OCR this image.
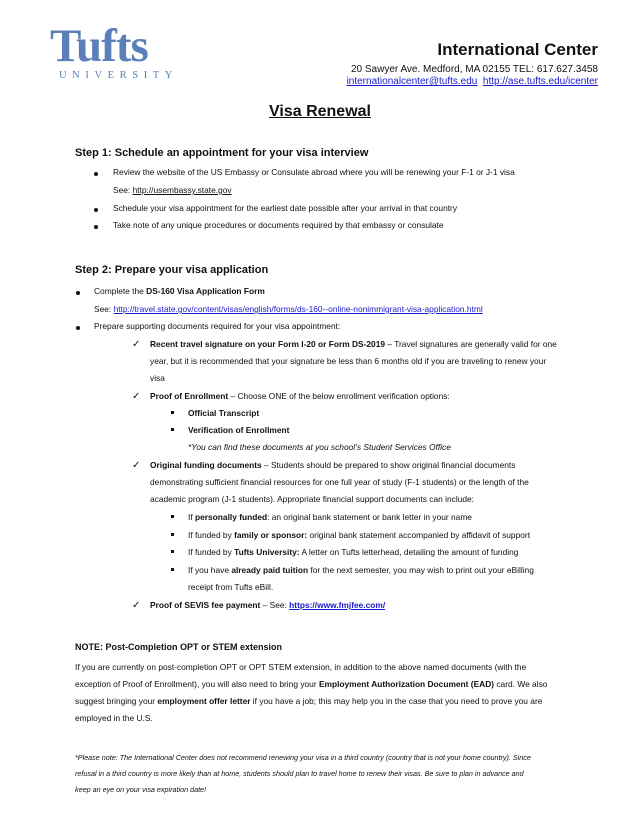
Tufts
UNIVERSITY
International Center
20 Sawyer Ave. Medford, MA 02155 TEL: 617.627.3458
internationalcenter@tufts.edu http://ase.tufts.edu/icenter
Visa Renewal
Step 1: Schedule an appointment for your visa interview
Review the website of the US Embassy or Consulate abroad where you will be renewing your F-1 or J-1 visa
See: http://usembassy.state.gov
Schedule your visa appointment for the earliest date possible after your arrival in that country
Take note of any unique procedures or documents required by that embassy or consulate
Step 2: Prepare your visa application
Complete the DS-160 Visa Application Form
See: http://travel.state.gov/content/visas/english/forms/ds-160--online-nonimmigrant-visa-application.html
Prepare supporting documents required for your visa appointment:
✓ Recent travel signature on your Form I-20 or Form DS-2019 – Travel signatures are generally valid for one
year, but it is recommended that your signature be less than 6 months old if you are traveling to renew your
visa
✓ Proof of Enrollment – Choose ONE of the below enrollment verification options:
Official Transcript
Verification of Enrollment
*You can find these documents at you school’s Student Services Office
✓ Original funding documents – Students should be prepared to show original financial documents
demonstrating sufficient financial resources for one full year of study (F-1 students) or the length of the
academic program (J-1 students). Appropriate financial support documents can include:
If personally funded: an original bank statement or bank letter in your name
If funded by family or sponsor: original bank statement accompanied by affidavit of support
If funded by Tufts University: A letter on Tufts letterhead, detailing the amount of funding
If you have already paid tuition for the next semester, you may wish to print out your eBilling
receipt from Tufts eBill.
✓ Proof of SEVIS fee payment – See: https://www.fmjfee.com/
NOTE: Post-Completion OPT or STEM extension
If you are currently on post-completion OPT or OPT STEM extension, in addition to the above named documents (with the
exception of Proof of Enrollment), you will also need to bring your Employment Authorization Document (EAD) card. We also
suggest bringing your employment offer letter if you have a job; this may help you in the case that you need to prove you are
employed in the U.S.
*Please note: The International Center does not recommend renewing your visa in a third country (country that is not your home country). Since
refusal in a third country is more likely than at home, students should plan to travel home to renew their visas. Be sure to plan in advance and
keep an eye on your visa expiration date!
